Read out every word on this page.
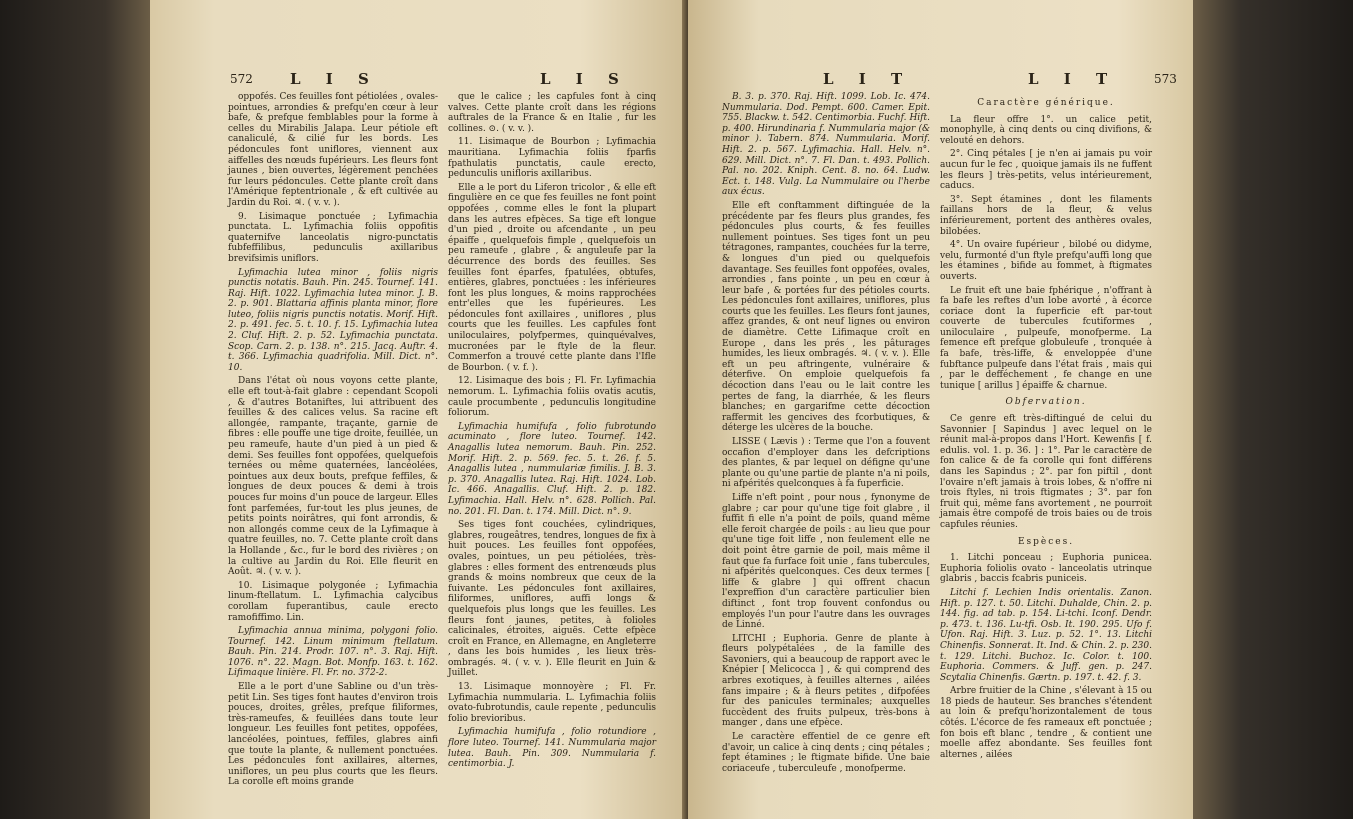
572 L I S	L I S

oppofés. Ces feuilles font pétiolées , ovales-pointues, arrondies & prefqu'en cœur à leur bafe, & prefque femblables pour la forme à celles du Mirabilis Jalapa. Leur pétiole eft canaliculé, & cilié fur les bords. Les pédoncules font uniflores, viennent aux aiffelles des nœuds fupérieurs. Les fleurs font jaunes , bien ouvertes, légèrement penchées fur leurs pédoncules. Cette plante croît dans l'Amérique feptentrionale , & eft cultivée au Jardin du Roi. ♃. ( v. v. ).

9. Lisimaque ponctuée ; Lyfimachia punctata. L. Lyfimachia foliis oppofitis quaternifve lanceolatis nigro-punctatis fubfeffilibus, pedunculis axillaribus brevifsimis uniflors.

Lyfimachia lutea minor , foliis nigris punctis notatis. Bauh. Pin. 245. Tournef. 141. Raj. Hift. 1022. Lyfimachia lutea minor. J. B. 2. p. 901. Blattaria affinis planta minor, flore luteo, foliis nigris punctis notatis. Morif. Hift. 2. p. 491. fec. 5. t. 10. f. 15. Lyfimachia lutea 2. Cluf. Hift. 2. p. 52. Lyfimachia punctata. Scop. Carn. 2. p. 138. n°. 215. Jacq. Auftr. 4. t. 366. Lyfimachia quadrifolia. Mill. Dict. n°. 10.

Dans l'état où nous voyons cette plante, elle eft tout-à-fait glabre : cependant Scopoli , & d'autres Botaniftes, lui attribuent des feuilles & des calices velus. Sa racine eft allongée, rampante, traçante, garnie de fibres : elle pouffe une tige droite, feuillée, un peu rameufe, haute d'un pied à un pied & demi. Ses feuilles font oppofées, quelquefois ternées ou même quaternées, lancéolées, pointues aux deux bouts, prefque feffiles, & longues de deux pouces & demi à trois pouces fur moins d'un pouce de largeur. Elles font parfemées, fur-tout les plus jeunes, de petits points noirâtres, qui font arrondis, & non allongés comme ceux de la Lyfimaque à quatre feuilles, no. 7. Cette plante croît dans la Hollande , &c., fur le bord des rivières ; on la cultive au Jardin du Roi. Elle fleurit en Août. ♃. ( v. v. ).

10. Lisimaque polygonée ; Lyfimachia linum-ftellatum. L. Lyfimachia calycibus corollam fuperantibus, caule erecto ramofiffimo. Lin.

Lyfimachia annua minima, polygoni folio. Tournef. 142. Linum minimum ftellatum. Bauh. Pin. 214. Prodr. 107. n°. 3. Raj. Hift. 1076. n°. 22. Magn. Bot. Monfp. 163. t. 162. Lifimaque linière. Fl. Fr. no. 372-2.

Elle a le port d'une Sabline ou d'un très-petit Lin. Ses tiges font hautes d'environ trois pouces, droites, grêles, prefque filiformes, très-rameufes, & feuillées dans toute leur longueur. Les feuilles font petites, oppofées, lancéolées, pointues, feffiles, glabres ainfi que toute la plante, & nullement ponctuées. Les pédoncules font axillaires, alternes, uniflores, un peu plus courts que les fleurs. La corolle eft moins grande

que le calice ; les capfules font à cinq valves. Cette plante croît dans les régions auftrales de la France & en Italie , fur les collines. ⊙. ( v. v. ).

11. Lisimaque de Bourbon ; Lyfimachia mauritiana. Lyfimachia foliis fparfis fpathulatis punctatis, caule erecto, pedunculis unifloris axillaribus.

Elle a le port du Liferon tricolor , & elle eft fingulière en ce que fes feuilles ne font point oppofées , comme elles le font la plupart dans les autres efpèces. Sa tige eft longue d'un pied , droite ou afcendante , un peu épaiffe , quelquefois fimple , quelquefois un peu rameufe , glabre , & anguleufe par la décurrence des bords des feuilles. Ses feuilles font éparfes, fpatulées, obtufes, entières, glabres, ponctuées : les inférieures font les plus longues, & moins rapprochées entr'elles que les fupérieures. Les pédoncules font axillaires , uniflores , plus courts que les feuilles. Les capfules font uniloculaires, polyfpermes, quinquévalves, mucronées par le ftyle de la fleur. Commerfon a trouvé cette plante dans l'Ifle de Bourbon. ( v. f. ).

12. Lisimaque des bois ; Fl. Fr. Lyfimachia nemorum. L. Lyfimachia foliis ovatis acutis, caule procumbente , pedunculis longitudine foliorum.

Lyfimachia humifufa , folio fubrotundo acuminato , flore luteo. Tournef. 142. Anagallis lutea nemorum. Bauh. Pin. 252. Morif. Hift. 2. p. 569. fec. 5. t. 26. f. 5. Anagallis lutea , nummulariæ fimilis. J. B. 3. p. 370. Anagallis lutea. Raj. Hift. 1024. Lob. Ic. 466. Anagallis. Cluf. Hift. 2. p. 182. Lyfimachia. Hall. Helv. n°. 628. Pollich. Pal. no. 201. Fl. Dan. t. 174. Mill. Dict. n°. 9.

Ses tiges font couchées, cylindriques, glabres, rougeâtres, tendres, longues de fix à huit pouces. Les feuilles font oppofées, ovales, pointues, un peu pétiolées, très-glabres : elles forment des entrenœuds plus grands & moins nombreux que ceux de la fuivante. Les pédoncules font axillaires, filiformes, uniflores, auffi longs & quelquefois plus longs que les feuilles. Les fleurs font jaunes, petites, à folioles calicinales, étroites, aiguës. Cette efpèce croît en France, en Allemagne, en Angleterre , dans les bois humides , les lieux très-ombragés. ♃. ( v. v. ). Elle fleurit en Juin & Juillet.

13. Lisimaque monnoyère ; Fl. Fr. Lyfimachia nummularia. L. Lyfimachia foliis ovato-fubrotundis, caule repente , pedunculis folio brevioribus.

Lyfimachia humifufa , folio rotundiore , flore luteo. Tournef. 141. Nummularia major lutea. Bauh. Pin. 309. Nummularia f. centimorbia. J.

L I T	L I T	573

B. 3. p. 370. Raj. Hift. 1099. Lob. Ic. 474. Nummularia. Dod. Pempt. 600. Camer. Epit. 755. Blackw. t. 542. Centimorbia. Fuchf. Hift. p. 400. Hirundinaria f. Nummularia major (& minor ). Tabern. 874. Nummularia. Morif. Hift. 2. p. 567. Lyfimachia. Hall. Helv. n°. 629. Mill. Dict. n°. 7. Fl. Dan. t. 493. Pollich. Pal. no. 202. Kniph. Cent. 8. no. 64. Ludw. Ect. t. 148. Vulg. La Nummulaire ou l'herbe aux écus.

Elle eft conftamment diftinguée de la précédente par fes fleurs plus grandes, fes pédoncules plus courts, & fes feuilles nullement pointues. Ses tiges font un peu tétragones, rampantes, couchées fur la terre, & longues d'un pied ou quelquefois davantage. Ses feuilles font oppofées, ovales, arrondies , fans pointe , un peu en cœur à leur bafe , & portées fur des pétioles courts. Les pédoncules font axillaires, uniflores, plus courts que les feuilles. Les fleurs font jaunes, affez grandes, & ont neuf lignes ou environ de diamètre. Cette Lifimaque croît en Europe , dans les prés , les pâturages humides, les lieux ombragés. ♃. ( v. v. ). Elle eft un peu aftringente, vulnéraire & déterfive. On emploie quelquefois fa décoction dans l'eau ou le lait contre les pertes de fang, la diarrhée, & les fleurs blanches; en gargarifme cette décoction raffermit les gencives des fcorbutiques, & déterge les ulcères de la bouche.

LISSE ( Lævis ) : Terme que l'on a fouvent occafion d'employer dans les defcriptions des plantes, & par lequel on défigne qu'une plante ou qu'une partie de plante n'a ni poils, ni afpérités quelconques à fa fuperficie.

Liffe n'eft point , pour nous , fynonyme de glabre ; car pour qu'une tige foit glabre , il fuffit fi elle n'a point de poils, quand même elle feroit chargée de poils : au lieu que pour qu'une tige foit liffe , non feulement elle ne doit point être garnie de poil, mais même il faut que fa furface foit unie , fans tubercules, ni afpérités quelconques. Ces deux termes [ liffe & glabre ] qui offrent chacun l'expreffion d'un caractère particulier bien diftinct , font trop fouvent confondus ou employés l'un pour l'autre dans les ouvrages de Linné.

LITCHI ; Euphoria. Genre de plante à fleurs polypétalées , de la famille des Savoniers, qui a beaucoup de rapport avec le Knépier [ Melicocca ] , & qui comprend des arbres exotiques, à feuilles alternes , ailées fans impaire ; & à fleurs petites , difpofées fur des panicules terminales; auxquelles fuccèdent des fruits pulpeux, très-bons à manger , dans une efpèce.

Le caractère effentiel de ce genre eft d'avoir, un calice à cinq dents ; cinq pétales ; fept étamines ; le ftigmate bifide. Une baie coriaceufe , tuberculeufe , monofperme.

Caractère générique.

La fleur offre 1°. un calice petit, monophylle, à cinq dents ou cinq divifions, & velouté en dehors.

2°. Cinq pétales [ je n'en ai jamais pu voir aucun fur le fec , quoique jamais ils ne fuffent les fleurs ] très-petits, velus intérieurement, caducs.

3°. Sept étamines , dont les filaments faillans hors de la fleur, & velus inférieurement, portent des anthères ovales, bilobées.

4°. Un ovaire fupérieur , bilobé ou didyme, velu, furmonté d'un ftyle prefqu'auffi long que les étamines , bifide au fommet, à ftigmates ouverts.

Le fruit eft une baie fphérique , n'offrant à fa bafe les reftes d'un lobe avorté , à écorce coriace dont la fuperficie eft par-tout couverte de tubercules fcutiformes , uniloculaire , pulpeufe, monofperme. La femence eft prefque globuleufe , tronquée à fa bafe, très-liffe, & enveloppée d'une fubftance pulpeufe dans l'état frais , mais qui , par le defféchement , fe change en une tunique [ arillus ] épaiffe & charnue.

Obfervation.

Ce genre eft très-diftingué de celui du Savonnier [ Sapindus ] avec lequel on le réunit mal-à-propos dans l'Hort. Kewenfis [ f. edulis. vol. 1. p. 36. ] : 1°. Par le caractère de fon calice & de fa corolle qui font différens dans les Sapindus ; 2°. par fon piftil , dont l'ovaire n'eft jamais à trois lobes, & n'offre ni trois ftyles, ni trois ftigmates ; 3°. par fon fruit qui, même fans avortement , ne pourroit jamais être compofé de trois baies ou de trois capfules réunies.

Espèces.

1. Litchi ponceau ; Euphoria punicea. Euphoria foliolis ovato - lanceolatis utrinque glabris , baccis fcabris puniceis.

Litchi f. Lechien Indis orientalis. Zanon. Hift. p. 127. t. 50. Litchi. Duhalde, Chin. 2. p. 144. fig. ad tab. p. 154. Li-tchi. Iconf. Dendr. p. 473. t. 136. Lu-tfi. Osb. It. 190. 295. Ufo f. Ufon. Raj. Hift. 3. Luz. p. 52. 1°. 13. Litchi Chinenfis. Sonnerat. It. Ind. & Chin. 2. p. 230. t. 129. Litchi. Buchoz. Ic. Color. t. 100. Euphoria. Commers. & Juff. gen. p. 247. Scytalia Chinenfis. Gærtn. p. 197. t. 42. f. 3.

Arbre fruitier de la Chine , s'élevant à 15 ou 18 pieds de hauteur. Ses branches s'étendent au loin & prefqu'horizontalement de tous côtés. L'écorce de fes rameaux eft ponctuée ; fon bois eft blanc , tendre , & contient une moelle affez abondante. Ses feuilles font alternes , ailées
